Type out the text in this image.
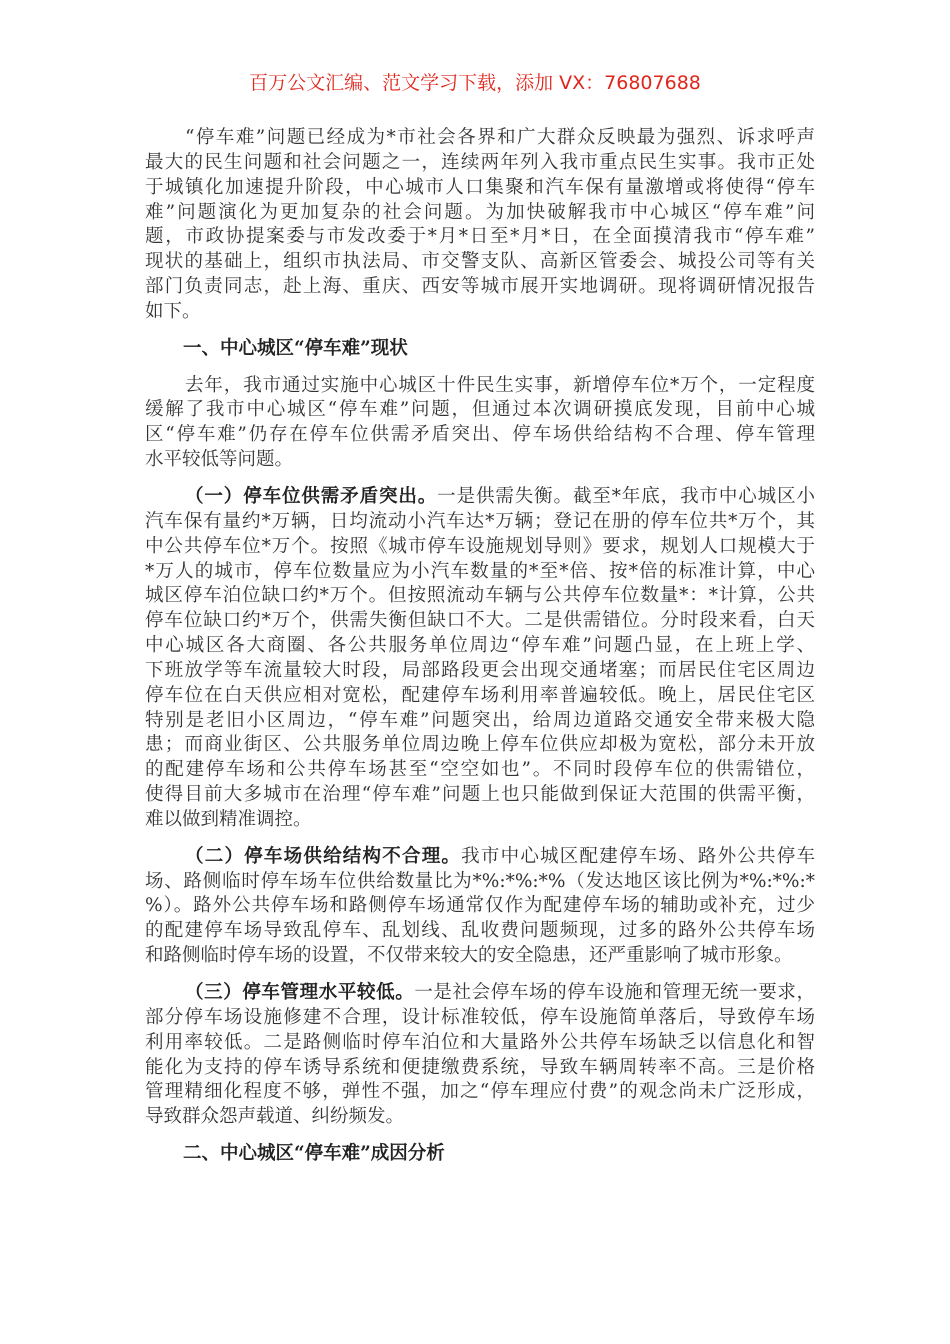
百万公文汇编、范文学习下载，添加 VX：76807688
“停车难”问题已经成为*市社会各界和广大群众反映最为强烈、诉求呼声
最大的民生问题和社会问题之一，连续两年列入我市重点民生实事。我市正处
于城镇化加速提升阶段，中心城市人口集聚和汽车保有量激增或将使得“停车
难”问题演化为更加复杂的社会问题。为加快破解我市中心城区“停车难”问
题，市政协提案委与市发改委于*月*日至*月*日，在全面摸清我市“停车难”
现状的基础上，组织市执法局、市交警支队、高新区管委会、城投公司等有关
部门负责同志，赴上海、重庆、西安等城市展开实地调研。现将调研情况报告
如下。
一、中心城区“停车难”现状
去年，我市通过实施中心城区十件民生实事，新增停车位*万个，一定程度
缓解了我市中心城区“停车难”问题，但通过本次调研摸底发现，目前中心城
区“停车难”仍存在停车位供需矛盾突出、停车场供给结构不合理、停车管理
水平较低等问题。
（一）停车位供需矛盾突出。一是供需失衡。截至*年底，我市中心城区小
汽车保有量约*万辆，日均流动小汽车达*万辆；登记在册的停车位共*万个，其
中公共停车位*万个。按照《城市停车设施规划导则》要求，规划人口规模大于
*万人的城市，停车位数量应为小汽车数量的*至*倍、按*倍的标准计算，中心
城区停车泊位缺口约*万个。但按照流动车辆与公共停车位数量*：*计算，公共
停车位缺口约*万个，供需失衡但缺口不大。二是供需错位。分时段来看，白天
中心城区各大商圈、各公共服务单位周边“停车难”问题凸显，在上班上学、
下班放学等车流量较大时段，局部路段更会出现交通堵塞；而居民住宅区周边
停车位在白天供应相对宽松，配建停车场利用率普遍较低。晚上，居民住宅区
特别是老旧小区周边，“停车难”问题突出，给周边道路交通安全带来极大隐
患；而商业街区、公共服务单位周边晚上停车位供应却极为宽松，部分未开放
的配建停车场和公共停车场甚至“空空如也”。不同时段停车位的供需错位，
使得目前大多城市在治理“停车难”问题上也只能做到保证大范围的供需平衡，
难以做到精准调控。
（二）停车场供给结构不合理。我市中心城区配建停车场、路外公共停车
场、路侧临时停车场车位供给数量比为*%:*%:*%（发达地区该比例为*%:*%:*
%）。路外公共停车场和路侧停车场通常仅作为配建停车场的辅助或补充，过少
的配建停车场导致乱停车、乱划线、乱收费问题频现，过多的路外公共停车场
和路侧临时停车场的设置，不仅带来较大的安全隐患，还严重影响了城市形象。
（三）停车管理水平较低。一是社会停车场的停车设施和管理无统一要求，
部分停车场设施修建不合理，设计标准较低，停车设施简单落后，导致停车场
利用率较低。二是路侧临时停车泊位和大量路外公共停车场缺乏以信息化和智
能化为支持的停车诱导系统和便捷缴费系统，导致车辆周转率不高。三是价格
管理精细化程度不够，弹性不强，加之“停车理应付费”的观念尚未广泛形成，
导致群众怨声载道、纠纷频发。
二、中心城区“停车难”成因分析
